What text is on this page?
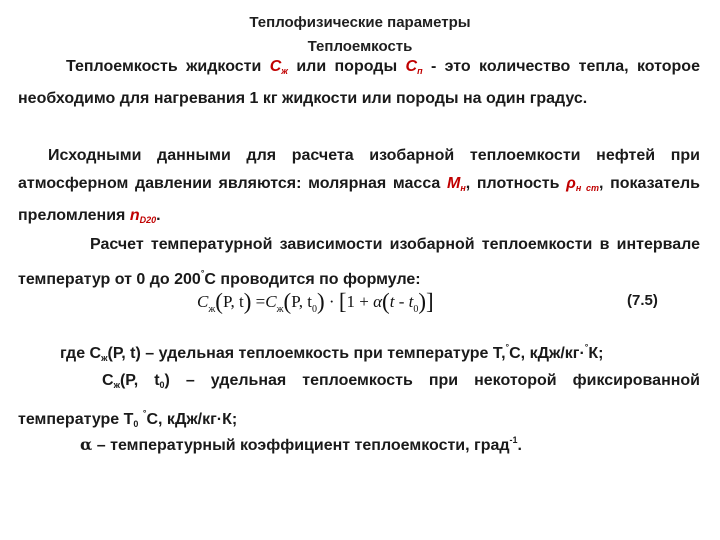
Теплофизические параметры
Теплоемкость
Теплоемкость жидкости $С_ж$ или породы $С_п$ - это количество тепла, которое необходимо для нагревания 1 кг жидкости или породы на один градус.
Исходными данными для расчета изобарной теплоемкости нефтей при атмосферном давлении являются: молярная масса $М_н$, плотность $\rho_{н ст}$, показатель преломления $n_{D20}$.
Расчет температурной зависимости изобарной теплоемкости в интервале температур от 0 до 200°С проводится по формуле:
$C_ж(P$, $t) =C_ж(P$, $t_0) \cdot [1 + \alpha(t - t_0)]$	(7.5)
где $С_ж(Р$, t) – удельная теплоемкость при температуре Т,°С, кДж/кг·°К;
$С_ж(Р$, $t_0$) – удельная теплоемкость при некоторой фиксированной температуре $Т_0$ °С, кДж/кг·К;
α – температурный коэффициент теплоемкости, град$^{-1}$.
